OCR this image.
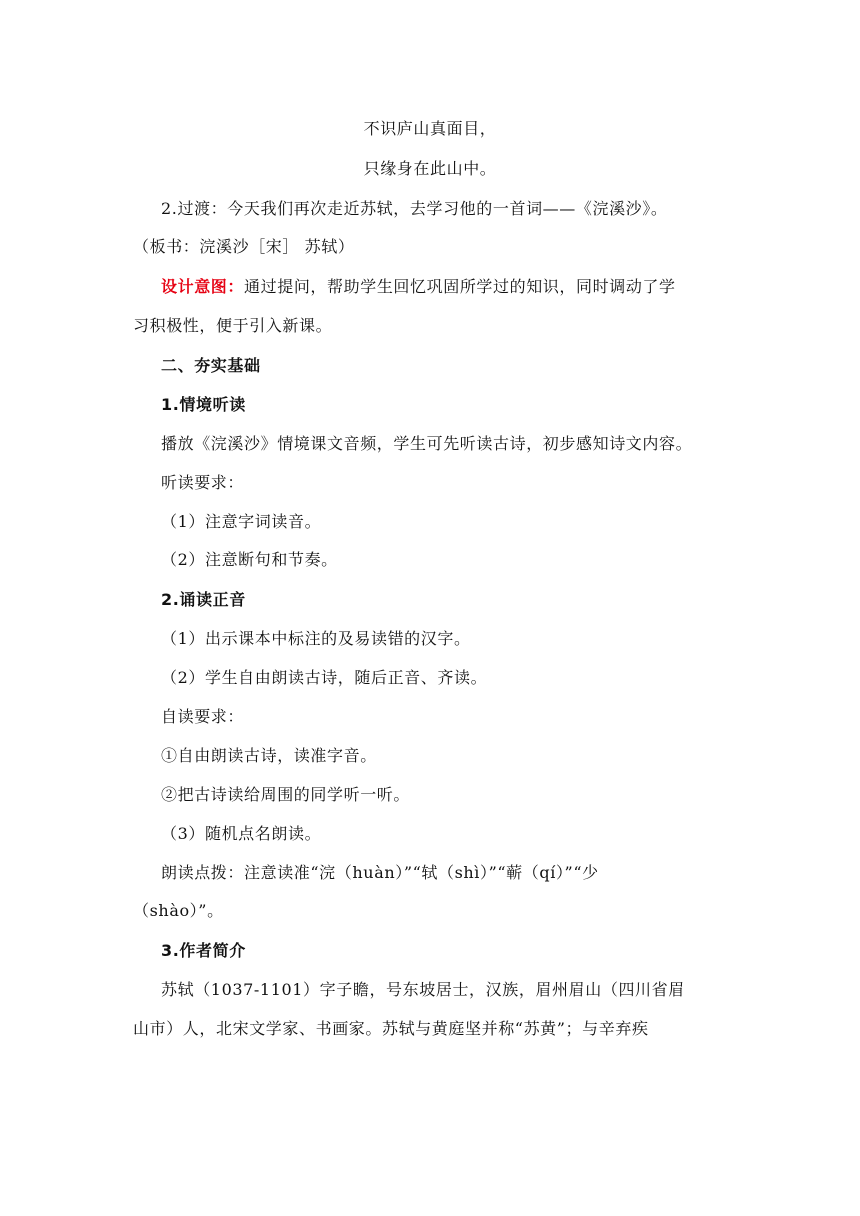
不识庐山真面目，
只缘身在此山中。
2.过渡：今天我们再次走近苏轼，去学习他的一首词——《浣溪沙》。
（板书：浣溪沙［宋］ 苏轼）
设计意图：通过提问，帮助学生回忆巩固所学过的知识，同时调动了学
习积极性，便于引入新课。
二、夯实基础
1.情境听读
播放《浣溪沙》情境课文音频，学生可先听读古诗，初步感知诗文内容。
听读要求：
（1）注意字词读音。
（2）注意断句和节奏。
2.诵读正音
（1）出示课本中标注的及易读错的汉字。
（2）学生自由朗读古诗，随后正音、齐读。
自读要求：
①自由朗读古诗，读准字音。
②把古诗读给周围的同学听一听。
（3）随机点名朗读。
朗读点拨：注意读准“浣（huàn）”“轼（shì）”“蕲（qí）”“少
（shào）”。
3.作者简介
苏轼（1037-1101）字子瞻，号东坡居士，汉族，眉州眉山（四川省眉
山市）人，北宋文学家、书画家。苏轼与黄庭坚并称“苏黄”；与辛弃疾
